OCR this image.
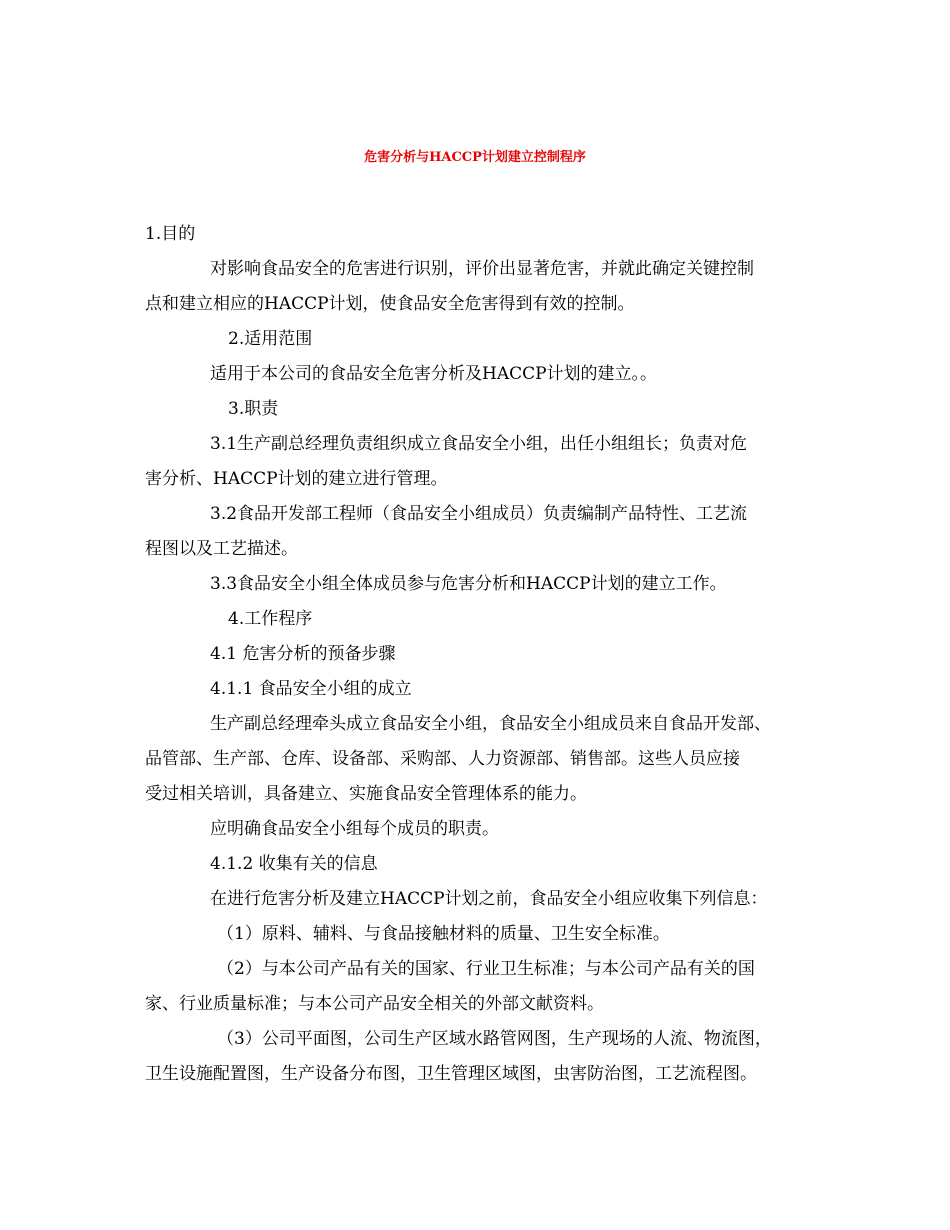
危害分析与HACCP计划建立控制程序
1.目的
对影响食品安全的危害进行识别，评价出显著危害，并就此确定关键控制
点和建立相应的HACCP计划，使食品安全危害得到有效的控制。
2.适用范围
适用于本公司的食品安全危害分析及HACCP计划的建立。。
3.职责
3.1生产副总经理负责组织成立食品安全小组，出任小组组长；负责对危
害分析、HACCP计划的建立进行管理。
3.2食品开发部工程师（食品安全小组成员）负责编制产品特性、工艺流
程图以及工艺描述。
3.3食品安全小组全体成员参与危害分析和HACCP计划的建立工作。
4.工作程序
4.1 危害分析的预备步骤
4.1.1 食品安全小组的成立
生产副总经理牵头成立食品安全小组，食品安全小组成员来自食品开发部、
品管部、生产部、仓库、设备部、采购部、人力资源部、销售部。这些人员应接
受过相关培训，具备建立、实施食品安全管理体系的能力。
应明确食品安全小组每个成员的职责。
4.1.2 收集有关的信息
在进行危害分析及建立HACCP计划之前，食品安全小组应收集下列信息：
（1）原料、辅料、与食品接触材料的质量、卫生安全标准。
（2）与本公司产品有关的国家、行业卫生标准；与本公司产品有关的国
家、行业质量标准；与本公司产品安全相关的外部文献资料。
（3）公司平面图，公司生产区域水路管网图，生产现场的人流、物流图，
卫生设施配置图，生产设备分布图，卫生管理区域图，虫害防治图，工艺流程图。
